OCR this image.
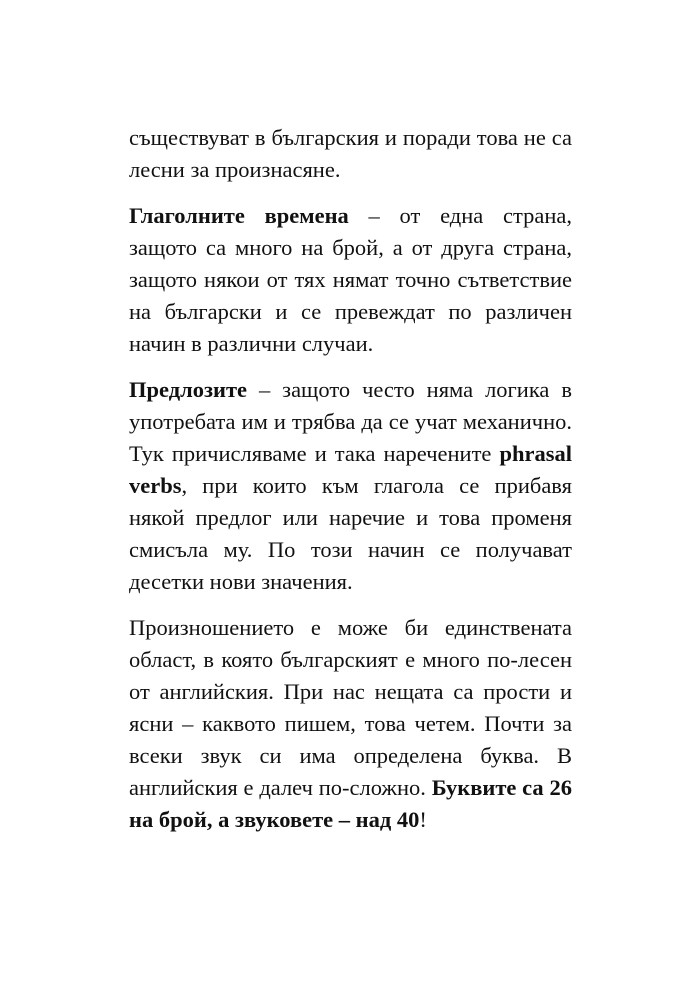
съществуват в българския и поради това не са лесни за произнасяне.

Глаголните времена – от една страна, защото са много на брой, а от друга страна, защото някои от тях нямат точно сътветствие на български и се превеждат по различен начин в различни случаи.

Предлозите – защото често няма логика в употребата им и трябва да се учат механично. Тук причисляваме и така наречените phrasal verbs, при които към глагола се прибавя някой предлог или наречие и това променя смисъла му. По този начин се получават десетки нови значения.

Произношението е може би единствената област, в която българският е много по-лесен от английския. При нас нещата са прости и ясни – каквото пишем, това четем. Почти за всеки звук си има определена буква. В английския е далеч по-сложно. Буквите са 26 на брой, а звуковете – над 40!
